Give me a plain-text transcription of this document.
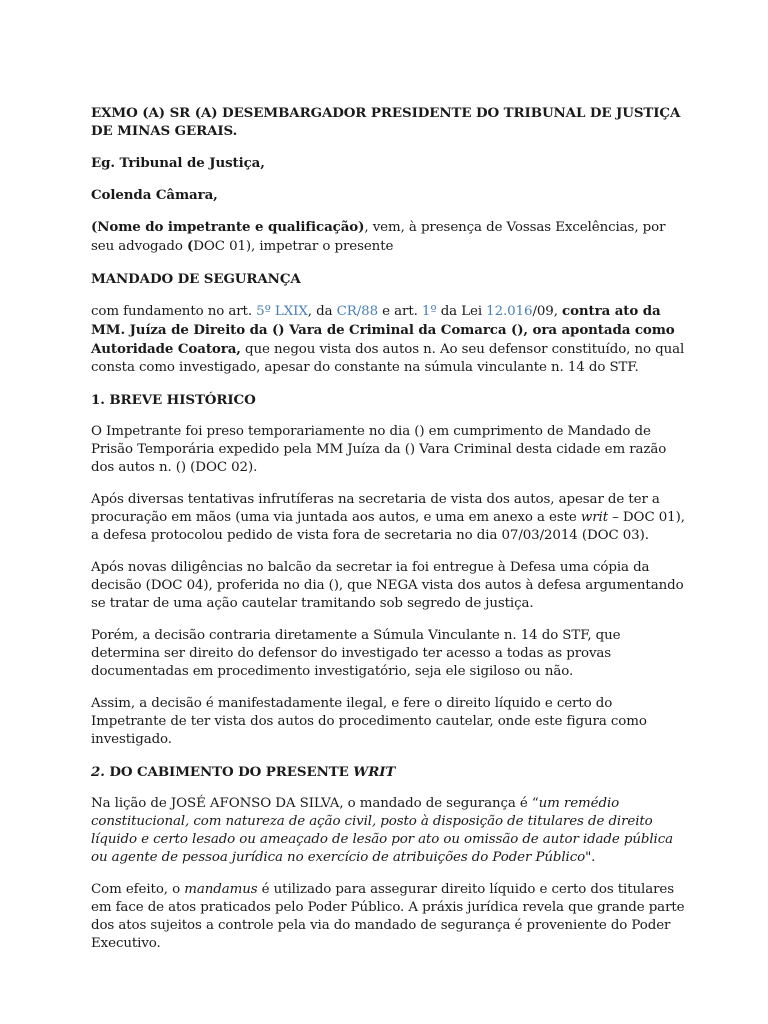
EXMO (A) SR (A) DESEMBARGADOR PRESIDENTE DO TRIBUNAL DE JUSTIÇA DE MINAS GERAIS.

Eg. Tribunal de Justiça,

Colenda Câmara,

(Nome do impetrante e qualificação), vem, à presença de Vossas Excelências, por seu advogado (DOC 01), impetrar o presente

MANDADO DE SEGURANÇA

com fundamento no art. 5º LXIX, da CR/88 e art. 1º da Lei 12.016/09, contra ato da MM. Juíza de Direito da () Vara de Criminal da Comarca (), ora apontada como Autoridade Coatora, que negou vista dos autos n. Ao seu defensor constituído, no qual consta como investigado, apesar do constante na súmula vinculante n. 14 do STF.

1. BREVE HISTÓRICO

O Impetrante foi preso temporariamente no dia () em cumprimento de Mandado de Prisão Temporária expedido pela MM Juíza da () Vara Criminal desta cidade em razão dos autos n. () (DOC 02).

Após diversas tentativas infrutíferas na secretaria de vista dos autos, apesar de ter a procuração em mãos (uma via juntada aos autos, e uma em anexo a este writ – DOC 01), a defesa protocolou pedido de vista fora de secretaria no dia 07/03/2014 (DOC 03).

Após novas diligências no balcão da secretar ia foi entregue à Defesa uma cópia da decisão (DOC 04), proferida no dia (), que NEGA vista dos autos à defesa argumentando se tratar de uma ação cautelar tramitando sob segredo de justiça.

Porém, a decisão contraria diretamente a Súmula Vinculante n. 14 do STF, que determina ser direito do defensor do investigado ter acesso a todas as provas documentadas em procedimento investigatório, seja ele sigiloso ou não.

Assim, a decisão é manifestadamente ilegal, e fere o direito líquido e certo do Impetrante de ter vista dos autos do procedimento cautelar, onde este figura como investigado.

2. DO CABIMENTO DO PRESENTE WRIT

Na lição de JOSÉ AFONSO DA SILVA, o mandado de segurança é “um remédio constitucional, com natureza de ação civil, posto à disposição de titulares de direito líquido e certo lesado ou ameaçado de lesão por ato ou omissão de autor idade pública ou agente de pessoa jurídica no exercício de atribuições do Poder Público".

Com efeito, o mandamus é utilizado para assegurar direito líquido e certo dos titulares em face de atos praticados pelo Poder Público. A práxis jurídica revela que grande parte dos atos sujeitos a controle pela via do mandado de segurança é proveniente do Poder Executivo.
